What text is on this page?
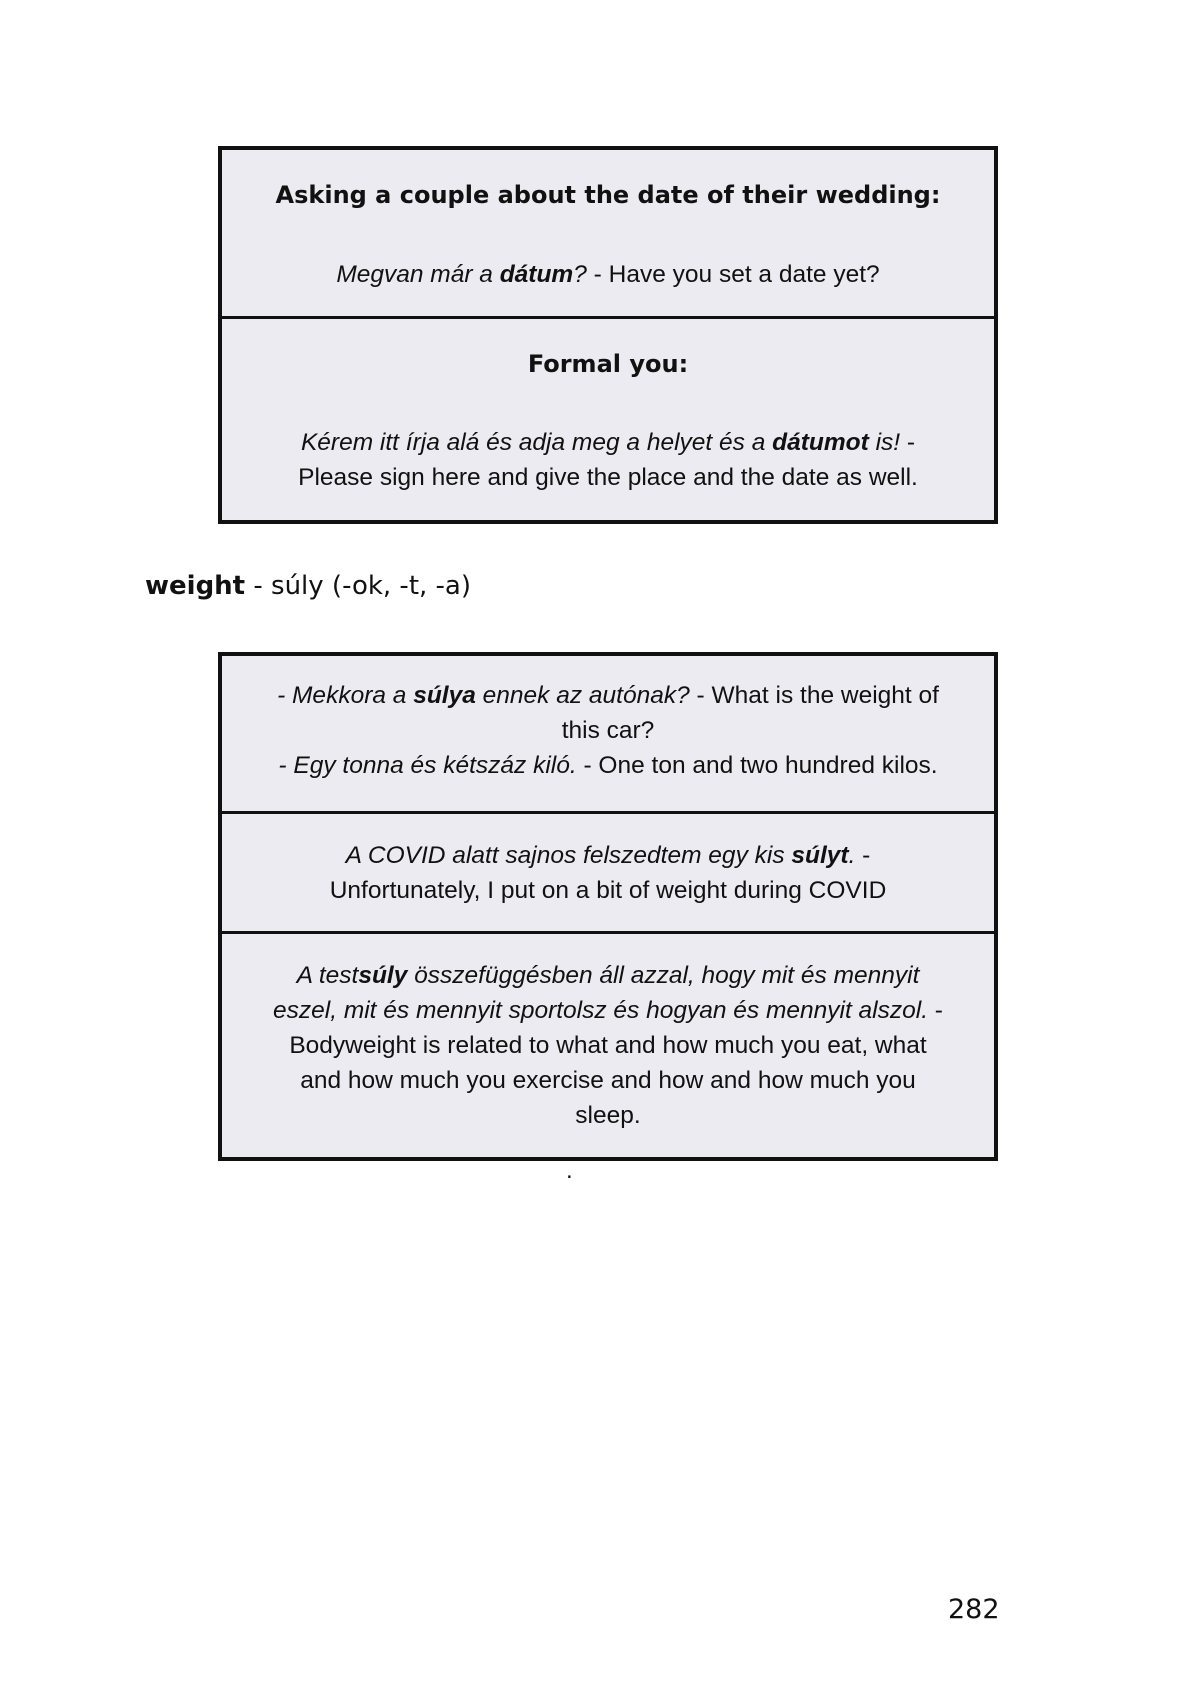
Asking a couple about the date of their wedding:

Megvan már a dátum? - Have you set a date yet?

Formal you:

Kérem itt írja alá és adja meg a helyet és a dátumot is! -
Please sign here and give the place and the date as well.
weight - súly (-ok, -t, -a)
- Mekkora a súlya ennek az autónak? - What is the weight of
this car?
- Egy tonna és kétszáz kiló. - One ton and two hundred kilos.
A COVID alatt sajnos felszedtem egy kis súlyt. -
Unfortunately, I put on a bit of weight during COVID
A testsúly összefüggésben áll azzal, hogy mit és mennyit
eszel, mit és mennyit sportolsz és hogyan és mennyit alszol. -
Bodyweight is related to what and how much you eat, what
and how much you exercise and how and how much you
sleep.
.
282
